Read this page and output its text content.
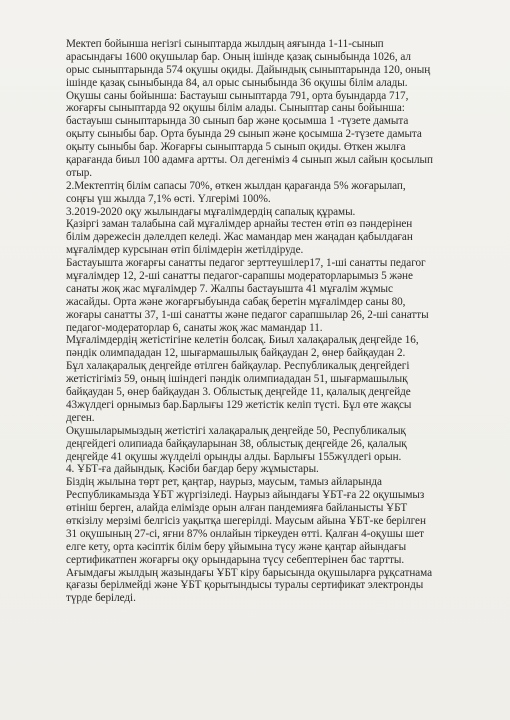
Мектеп бойынша негізгі сыныптарда жылдың аяғында 1-11-сынып
арасындағы 1600 оқушылар бар. Оның ішінде қазақ сыныбында 1026, ал
орыс сыныптарында 574 оқушы оқиды. Дайындық сыныптарында 120, оның
ішінде қазақ сыныбында 84, ал орыс сыныбында 36 оқушы білім алады.
Оқушы саны бойынша: Бастауыш сыныптарда 791, орта буындарда 717,
жоғарғы сыныптарда 92 оқушы білім алады. Сыныптар саны бойынша:
бастауыш сыныптарында 30 сынып бар және қосымша 1 -түзете дамыта
оқыту сыныбы бар. Орта буында 29 сынып және қосымша 2-түзете дамыта
оқыту сыныбы бар. Жоғарғы сыныптарда 5 сынып оқиды. Өткен жылға
қарағанда биыл 100 адамға артты. Ол дегеніміз 4 сынып жыл сайын қосылып
отыр.
2.Мектептің білім сапасы 70%, өткен жылдан қарағанда 5% жоғарылап,
соңғы үш жылда 7,1% өсті. Үлгерімі 100%.
3.2019-2020 оқу жылындағы мұғалімдердің сапалық құрамы.
Қазіргі заман талабына сай мұғалімдер арнайы тестен өтіп өз пәндерінен
білім дәрежесін дәлелдеп келеді. Жас мамандар мен жаңадан қабылдаған
мұғалімдер курсынан өтіп білімдерін жетілдіруде.
Бастауышта жоғарғы санатты педагог зерттеушілер17, 1-ші санатты педагог
мұғалімдер 12, 2-ші санатты педагог-сарапшы модераторларымыз 5 және
санаты жоқ жас мұғалімдер 7. Жалпы бастауышта 41 мұғалім жұмыс
жасайды. Орта және жоғарғыбуында сабақ беретін мұғалімдер саны 80,
жоғары санатты 37, 1-ші санатты және педагог сарапшылар 26, 2-ші санатты
педагог-модераторлар 6, санаты жоқ жас мамандар 11.
Мұғалімдердің жетістігіне келетін болсақ. Биыл халақаралық деңгейде 16,
пәндік олимпададан 12, шығармашылық байқаудан 2, өнер байқаудан 2.
Бұл халақаралық деңгейде өтілген байқаулар. Республикалық деңгейдегі
жетістігіміз 59, оның ішіндегі пәндік олимпиададан 51, шығармашылық
байқаудан 5, өнер байқаудан 3. Облыстық деңгейде 11, қалалық деңгейде
43жүлдегі орнымыз бар.Барлығы 129 жетістік келіп түсті. Бұл өте жақсы
деген.
Оқушыларымыздың жетістігі халақаралық деңгейде 50, Республикалық
деңгейдегі олипиада байқауларынан 38, облыстық деңгейде 26, қалалық
деңгейде 41 оқушы жүлдеілі орынды алды. Барлығы 155жүлдегі орын.
4. ҰБТ-ға дайындық. Кәсіби бағдар беру жұмыстары.
Біздің жылына төрт рет, қаңтар, наурыз, маусым, тамыз айларында
Республикамызда ҰБТ жүргізіледі. Наурыз айындағы ҰБТ-ға 22 оқушымыз
өтініш берген, алайда елімізде орын алған пандемияға байланысты ҰБТ
өткізілу мерзімі белгісіз уақытқа шегерілді. Маусым айына ҰБТ-ке берілген
31 оқушының 27-сі, яғни 87% онлайын тіркеуден өтті. Қалған 4-оқушы шет
елге кету, орта кәсіптік білім беру ұйымына түсу және қаңтар айындағы
сертификатпен жоғарғы оқу орындарына түсу себептерінен бас тартты.
Ағымдағы жылдың жазындағы ҰБТ кіру барысында оқушыларға рұқсатнама
қағазы берілмейді және ҰБТ қорытындысы туралы сертификат электронды
түрде беріледі.
